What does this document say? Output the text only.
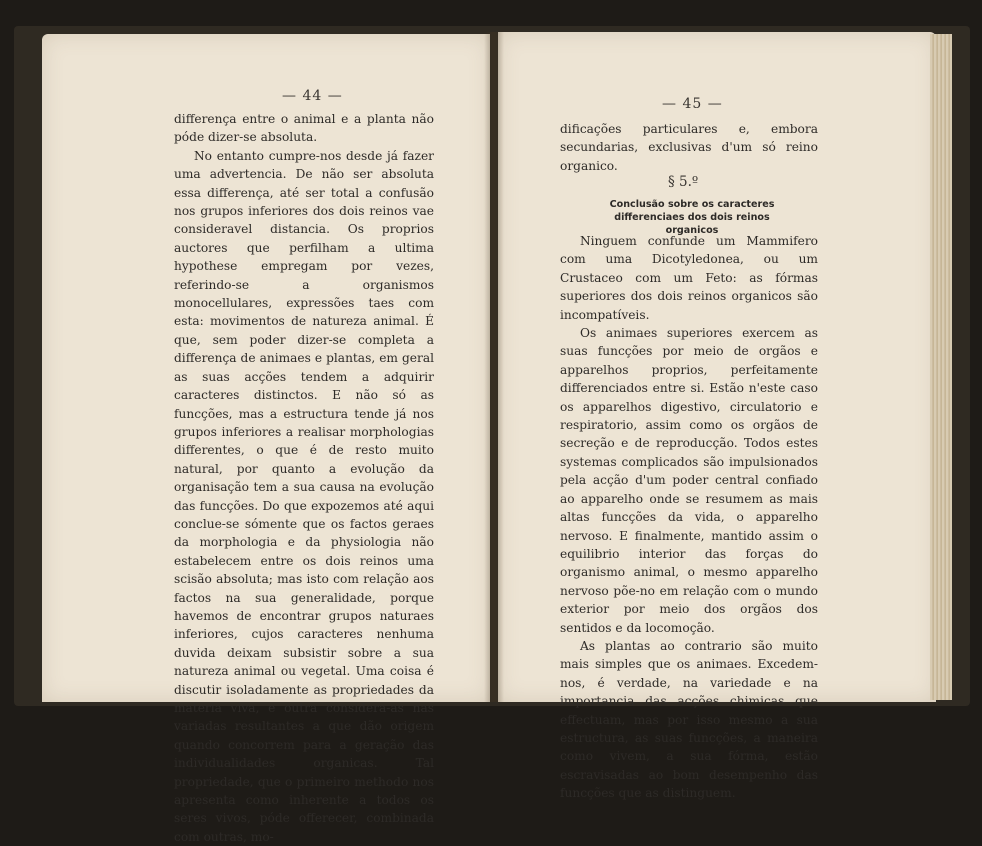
— 44 —

differença entre o animal e a planta não póde dizer-se absoluta.

No entanto cumpre-nos desde já fazer uma advertencia. De não ser absoluta essa differença, até ser total a confusão nos grupos inferiores dos dois reinos vae consideravel distancia. Os proprios auctores que perfilham a ultima hypothese empregam por vezes, referindo-se a organismos monocellulares, expressões taes com esta: movimentos de natureza animal. É que, sem poder dizer-se completa a differença de animaes e plantas, em geral as suas acções tendem a adquirir caracteres distinctos. E não só as funcções, mas a estructura tende já nos grupos inferiores a realisar morphologias differentes, o que é de resto muito natural, por quanto a evolução da organisação tem a sua causa na evolução das funcções. Do que expozemos até aqui conclue-se sómente que os factos geraes da morphologia e da physiologia não estabelecem entre os dois reinos uma scisão absoluta; mas isto com relação aos factos na sua generalidade, porque havemos de encontrar grupos naturaes inferiores, cujos caracteres nenhuma duvida deixam subsistir sobre a sua natureza animal ou vegetal. Uma coisa é discutir isoladamente as propriedades da materia viva, e outra considera-as nas variadas resultantes a que dão origem quando concorrem para a geração das individualidades organicas. Tal propriedade, que o primeiro methodo nos apresenta como inherente a todos os seres vivos, póde offerecer, combinada com outras, mo-

— 45 —

dificações particulares e, embora secundarias, exclusivas d'um só reino organico.

§ 5.º
Conclusão sobre os caracteres differenciaes dos dois reinos organicos

Ninguem confunde um Mammifero com uma Dicotyledonea, ou um Crustaceo com um Feto: as fórmas superiores dos dois reinos organicos são incompatíveis.

Os animaes superiores exercem as suas funcções por meio de orgãos e apparelhos proprios, perfeitamente differenciados entre si. Estão n'este caso os apparelhos digestivo, circulatorio e respiratorio, assim como os orgãos de secreção e de reproducção. Todos estes systemas complicados são impulsionados pela acção d'um poder central confiado ao apparelho onde se resumem as mais altas funcções da vida, o apparelho nervoso. E finalmente, mantido assim o equilibrio interior das forças do organismo animal, o mesmo apparelho nervoso põe-no em relação com o mundo exterior por meio dos orgãos dos sentidos e da locomoção.

As plantas ao contrario são muito mais simples que os animaes. Excedem-nos, é verdade, na variedade e na importancia das acções chimicas que effectuam, mas por isso mesmo a sua estructura, as suas funcções, a maneira como vivem, a sua fórma, estão escravisadas ao bom desempenho das funcções que as distinguem.
